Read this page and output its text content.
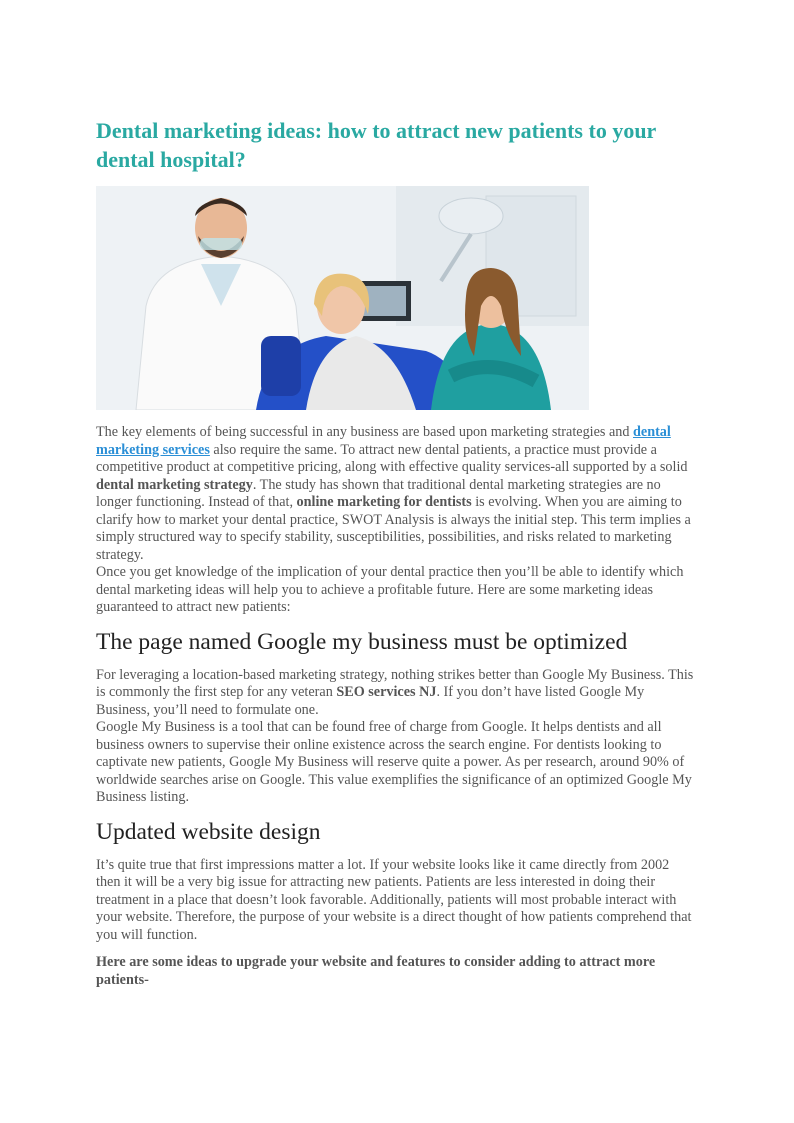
Dental marketing ideas: how to attract new patients to your dental hospital?

The key elements of being successful in any business are based upon marketing strategies and dental marketing services also require the same. To attract new dental patients, a practice must provide a competitive product at competitive pricing, along with effective quality services-all supported by a solid dental marketing strategy. The study has shown that traditional dental marketing strategies are no longer functioning. Instead of that, online marketing for dentists is evolving. When you are aiming to clarify how to market your dental practice, SWOT Analysis is always the initial step. This term implies a simply structured way to specify stability, susceptibilities, possibilities, and risks related to marketing strategy.

Once you get knowledge of the implication of your dental practice then you’ll be able to identify which dental marketing ideas will help you to achieve a profitable future. Here are some marketing ideas guaranteed to attract new patients:

The page named Google my business must be optimized

For leveraging a location-based marketing strategy, nothing strikes better than Google My Business. This is commonly the first step for any veteran SEO services NJ. If you don’t have listed Google My Business, you’ll need to formulate one.

Google My Business is a tool that can be found free of charge from Google. It helps dentists and all business owners to supervise their online existence across the search engine. For dentists looking to captivate new patients, Google My Business will reserve quite a power. As per research, around 90% of worldwide searches arise on Google. This value exemplifies the significance of an optimized Google My Business listing.

Updated website design

It’s quite true that first impressions matter a lot. If your website looks like it came directly from 2002 then it will be a very big issue for attracting new patients. Patients are less interested in doing their treatment in a place that doesn’t look favorable. Additionally, patients will most probable interact with your website. Therefore, the purpose of your website is a direct thought of how patients comprehend that you will function.

Here are some ideas to upgrade your website and features to consider adding to attract more patients-
